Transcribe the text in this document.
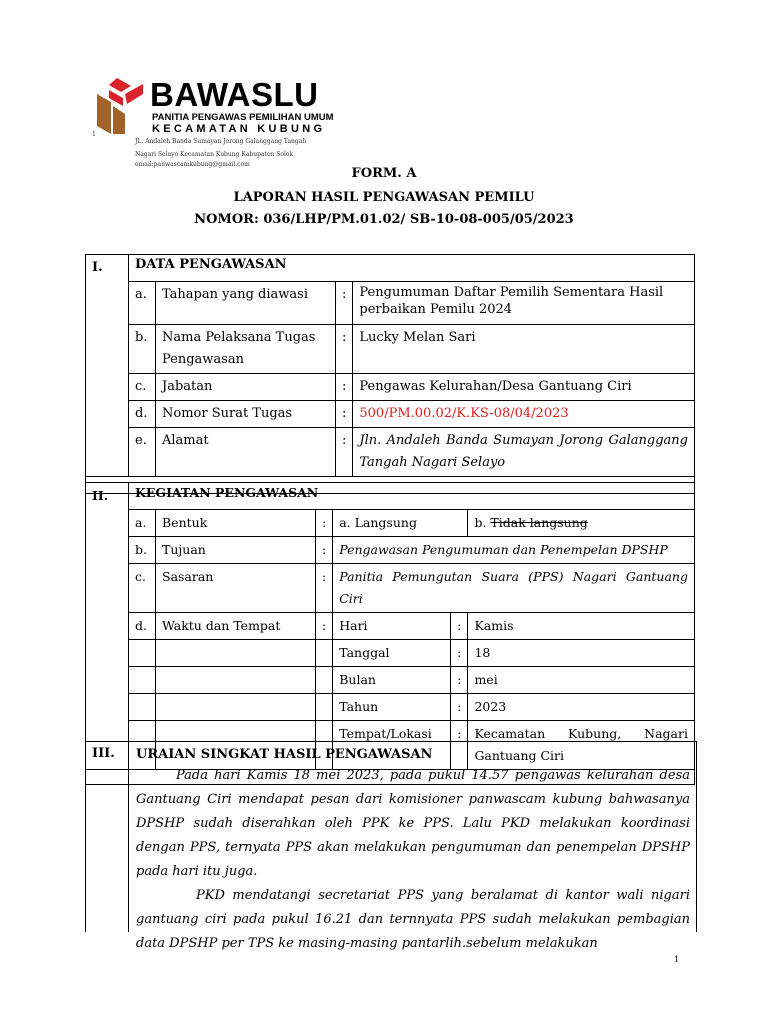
BAWASLU
PANITIA PENGAWAS PEMILIHAN UMUM
KECAMATAN KUBUNG
1
JL. Andaleh Banda Sumayan Jorong Galanggang Tangah
Nagari Selayo Kecamatan Kubung Kabupaten Solok
email:panwascamkubung@gmail.com
FORM. A
LAPORAN HASIL PENGAWASAN PEMILU
NOMOR: 036/LHP/PM.01.02/ SB-10-08-005/05/2023
I.	DATA PENGAWASAN			
	a.	Tahapan yang diawasi	:	Pengumuman Daftar Pemilih Sementara Hasil perbaikan Pemilu 2024
	b.	Nama Pelaksana Tugas Pengawasan	:	Lucky Melan Sari
	c.	Jabatan	:	Pengawas Kelurahan/Desa Gantuang Ciri
	d.	Nomor Surat Tugas	:	500/PM.00.02/K.KS-08/04/2023
	e.	Alamat	:	Jln. Andaleh Banda Sumayan Jorong Galanggang Tangah Nagari Selayo

II.	KEGIATAN PENGAWASAN					
	a.	Bentuk	:	a. Langsung		b. Tidak langsung
	b.	Tujuan	:	Pengawasan Pengumuman dan Penempelan DPSHP		
	c.	Sasaran	:	Panitia Pemungutan Suara (PPS) Nagari Gantuang Ciri		
	d.	Waktu dan Tempat	:	Hari	:	Kamis
				Tanggal	:	18
				Bulan	:	mei
				Tahun	:	2023
				Tempat/Lokasi	:	Kecamatan Kubung, Nagari Gantuang Ciri

III.	URAIAN SINGKAT HASIL PENGAWASAN

Pada hari Kamis 18 mei 2023, pada pukul 14.57 pengawas kelurahan desa Gantuang Ciri mendapat pesan dari komisioner panwascam kubung bahwasanya DPSHP sudah diserahkan oleh PPK ke PPS. Lalu PKD melakukan koordinasi dengan PPS, ternyata PPS akan melakukan pengumuman dan penempelan DPSHP pada hari itu juga.

PKD mendatangi secretariat PPS yang beralamat di kantor wali nigari gantuang ciri pada pukul 16.21 dan ternnyata PPS sudah melakukan pembagian data DPSHP per TPS ke masing-masing pantarlih.sebelum melakukan

1
